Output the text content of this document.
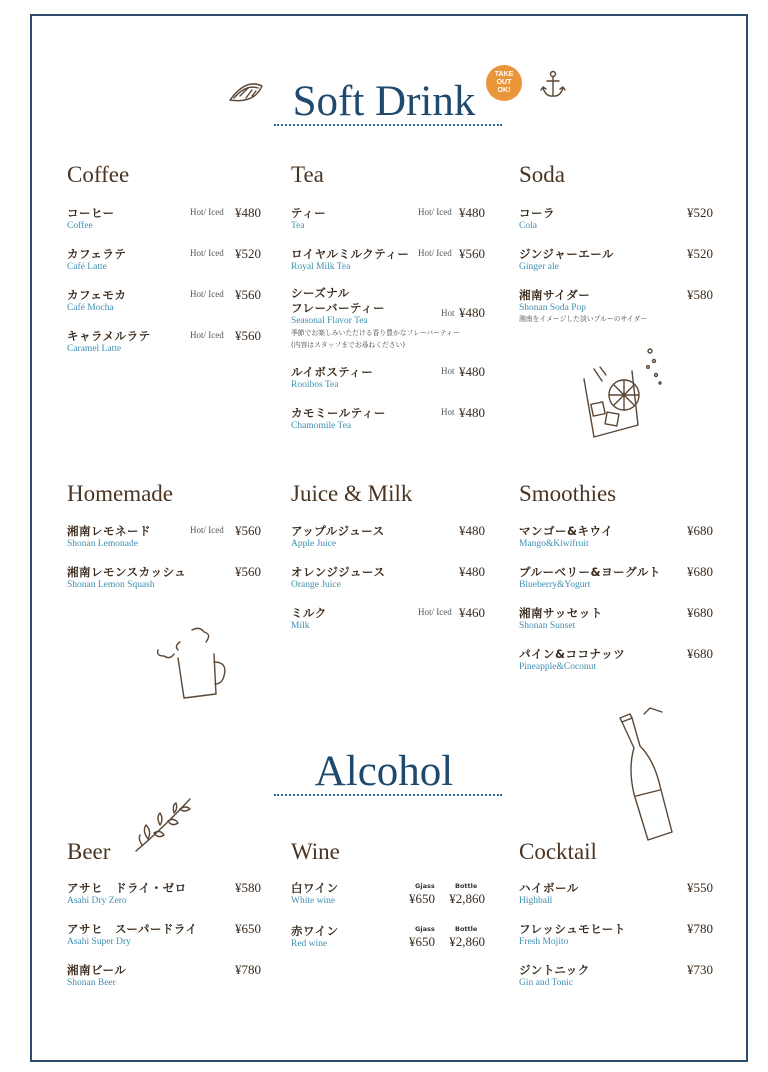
Soft Drink
TAKE
OUT
OK!
Coffee
コーヒー
Coffee
Hot/ Iced ¥480
カフェラテ
Café Latte
Hot/ Iced ¥520
カフェモカ
Café Mocha
Hot/ Iced ¥560
キャラメルラテ
Caramel Latte
Hot/ Iced ¥560
Tea
ティー
Tea
Hot/ Iced ¥480
ロイヤルミルクティー
Royal Milk Tea
Hot/ Iced ¥560
シーズナル
フレーバーティー
Seasonal Flavor Tea
Hot ¥480
季節でお楽しみいただける香り豊かなフレーバーティー
(内容はスタッフまでお尋ねください)
ルイボスティー
Rooibos Tea
Hot ¥480
カモミールティー
Chamomile Tea
Hot ¥480
Soda
コーラ
Cola
¥520
ジンジャーエール
Ginger ale
¥520
湘南サイダー
Shonan Soda Pop
¥580
湘南をイメージした淡いブルーのサイダー
Homemade
湘南レモネード
Shonan Lemonade
Hot/ Iced ¥560
湘南レモンスカッシュ
Shonan Lemon Squash
¥560
Juice & Milk
アップルジュース
Apple Juice
¥480
オレンジジュース
Orange Juice
¥480
ミルク
Milk
Hot/ Iced ¥460
Smoothies
マンゴー&キウイ
Mango&Kiwifruit
¥680
ブルーベリー&ヨーグルト
Blueberry&Yogurt
¥680
湘南サッセット
Shonan Sunset
¥680
パイン&ココナッツ
Pineapple&Coconut
¥680
Alcohol
Beer
アサヒ　ドライ・ゼロ
Asahi Dry Zero
¥580
アサヒ　スーパードライ
Asahi Super Dry
¥650
湘南ビール
Shonan Beer
¥780
Wine
白ワイン
White wine
Gjass	Bottle
¥650 ¥2,860
赤ワイン
Red wine
Gjass	Bottle
¥650 ¥2,860
Cocktail
ハイボール
Highball
¥550
フレッシュモヒート
Fresh Mojito
¥780
ジントニック
Gin and Tonic
¥730
